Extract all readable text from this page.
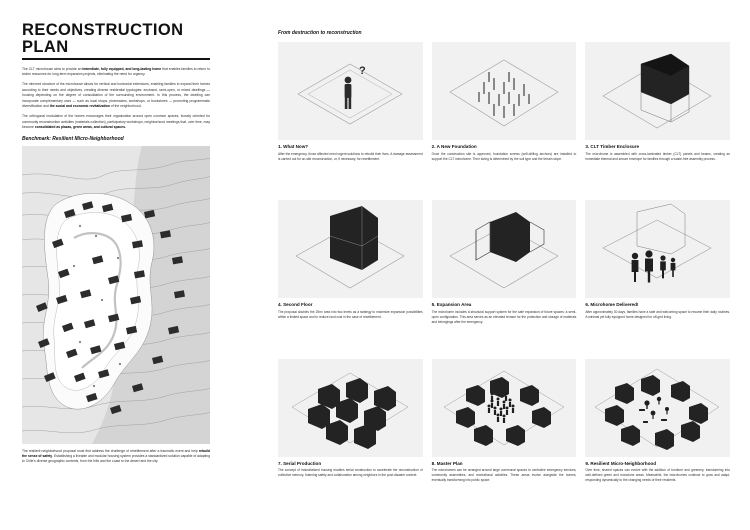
RECONSTRUCTION PLAN
The CLT microhouse aims to provide an immediate, fully equipped, and long-lasting home that enables families to return to stolen resources for long-term expansion projects, eliminating the need for urgency.
The mirrored structure of the microhouse allows for vertical and horizontal extensions, enabling families to expand their homes according to their needs and objectives, creating diverse residential typologies: enclosed, semi-open, or mixed dwellings — housing depending on the degree of consolidation of the surrounding environment. In this process, the dwelling can incorporate complementary uses — such as local shops, pharmacies, workshops, or bookstores — promoting programmatic diversification and the social and economic revitalization of the neighborhood.
The orthogonal modulation of the homes encourages their organization around open common spaces, loosely oriented for community reconstruction activities (materials collection), participatory workshops, neighborhood meetings that, over time, may become consolidated as plazas, green areas, and cultural spaces.
Benchmark: Resilient Micro-Neighborhood
The resilient neighborhood proposal must first address the challenge of resettlement after a traumatic event and help rebuild the sense of safety. Establishing a liveable and modular housing system provides a standardized solution capable of adapting to Chile's diverse geographic contexts, from the hills and the coast to the desert and the city.
From destruction to reconstruction
?
1. What Now?
After the emergency, those affected need urgent solutions to rebuild their lives. A damage assessment is carried out for on-site reconstruction, or, if necessary, for resettlement.
2. A New Foundation
Once the construction site is approved, foundation screws (self-drilling anchors) are installed to support the CLT microhome. Their sizing is determined by the soil type and the terrain slope.
3. CLT Timber Enclosure
The microhome is assembled with cross-laminated timber (CLT) panels and beams, creating an immediate thermal and secure envelope for families through a waste-free assembly process.
4. Second Floor
The proposal doubles the 25m² area into two levels as a strategy to maximize expansion possibilities within a limited space and to reduce land cost in the case of resettlement.
5. Expansion Area
The microhome includes a structural support system for the safe expansion of future spaces: a semi-open configuration. This area serves as an elevated terrace for the protection and storage of materials and belongings after the emergency.
6. Microhome Delivered!
After approximately 30 days, families have a safe and welcoming space to resume their daily routines. A minimal yet fully equipped home designed for off-grid living.
7. Serial Production
The concept of industrialized housing enables serial construction to accelerate the reconstruction of collective memory, fostering safety and collaboration among neighbors in the post-disaster context.
8. Master Plan
The microhomes can be arranged around large communal spaces to centralize emergency services, community assemblies, and recreational activities. These areas evolve alongside the homes, eventually transforming into public space.
9. Resilient Micro-Neighborhood
Over time, shared spaces can evolve with the addition of furniture and greenery, transforming into well-defined green and monotone areas. Meanwhile, the microhomes continue to grow and adapt, responding dynamically to the changing needs of their residents.
